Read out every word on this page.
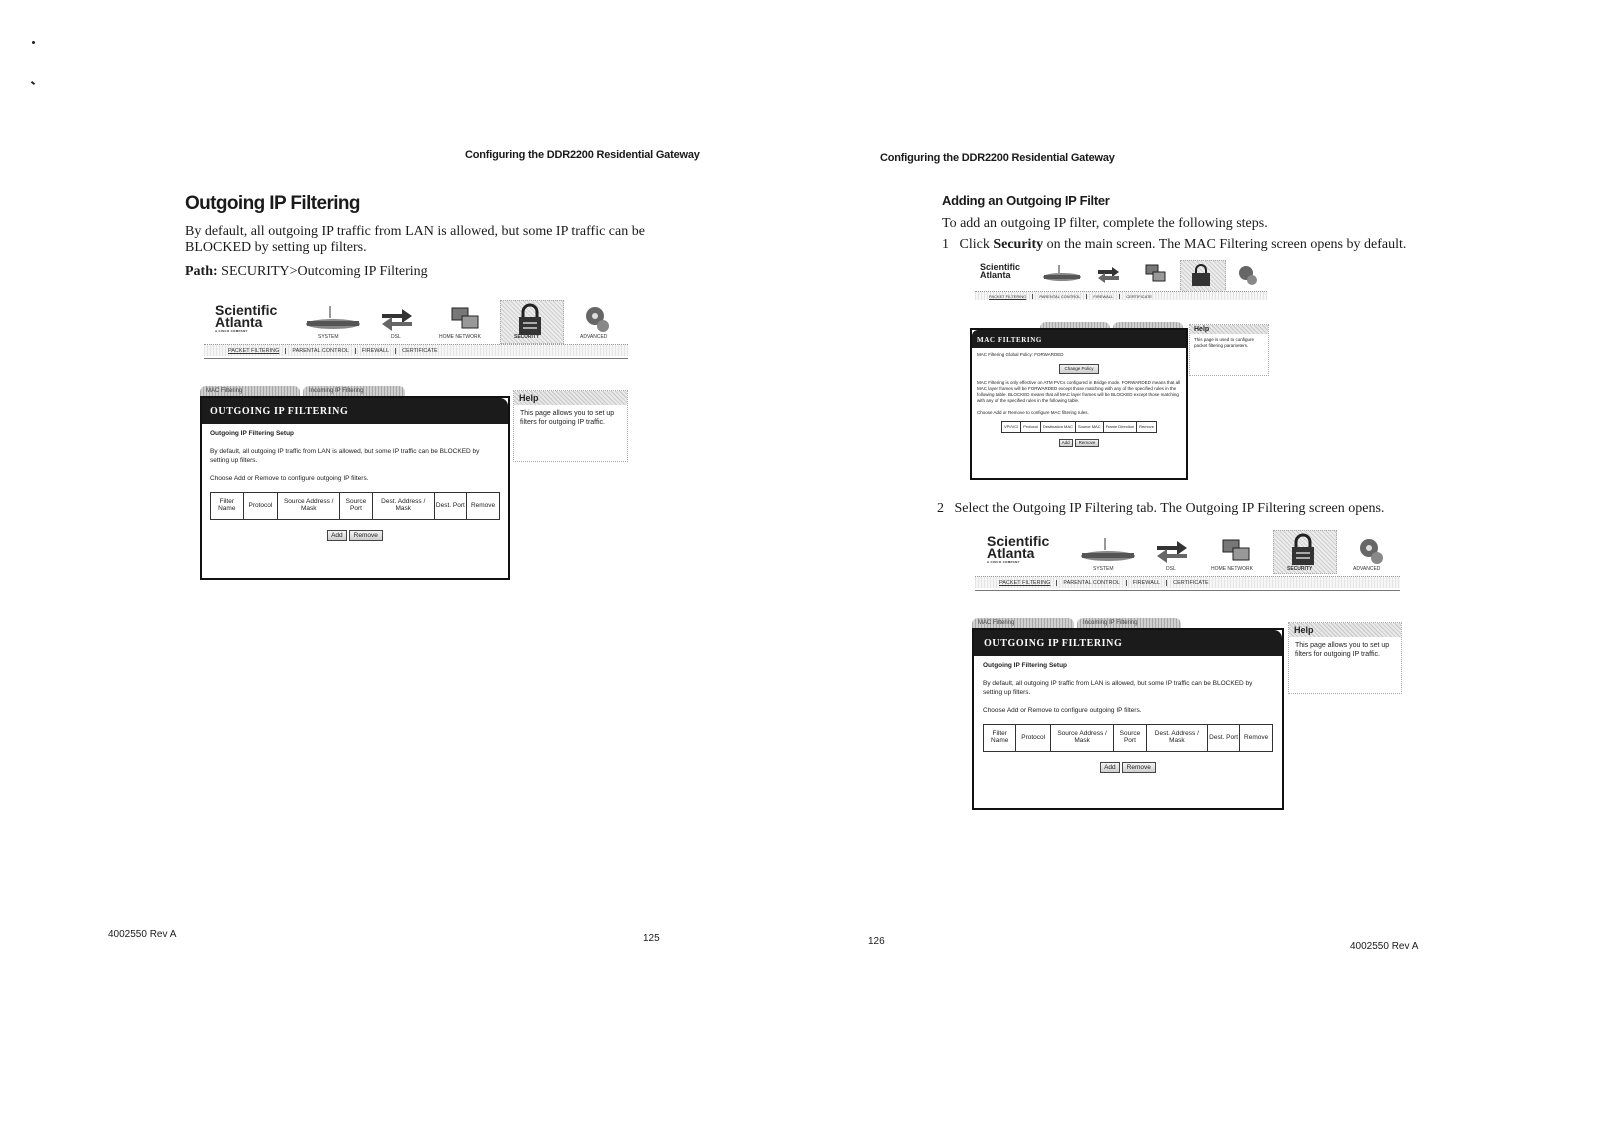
Configuring the DDR2200 Residential Gateway
Outgoing IP Filtering
By default, all outgoing IP traffic from LAN is allowed, but some IP traffic can be BLOCKED by setting up filters.
Path: SECURITY>Outcoming IP Filtering
Scientific
Atlanta
A CISCO COMPANY
SYSTEM	DSL	HOME NETWORK	SECURITY	ADVANCED
PACKET FILTERING	PARENTAL CONTROL	FIREWALL	CERTIFICATE
MAC Filtering	Incoming IP Filtering
OUTGOING IP FILTERING
Outgoing IP Filtering Setup
By default, all outgoing IP traffic from LAN is allowed, but some IP traffic can be BLOCKED by setting up filters.
Choose Add or Remove to configure outgoing IP filters.
Filter Name	Protocol	Source Address / Mask	Source Port	Dest. Address / Mask	Dest. Port	Remove
Add Remove
Help
This page allows you to set up filters for outgoing IP traffic.
4002550 Rev A	125
Configuring the DDR2200 Residential Gateway
Adding an Outgoing IP Filter
To add an outgoing IP filter, complete the following steps.
1 Click Security on the main screen. The MAC Filtering screen opens by default.
Scientific
Atlanta
PACKET FILTERING	PARENTAL CONTROL	FIREWALL	CERTIFICATE
MAC FILTERING
MAC Filtering Global Policy: FORWARDED
Change Policy
MAC Filtering is only effective on ATM PVCs configured in Bridge mode. FORWARDED means that all MAC layer frames will be FORWARDED except those matching with any of the specified rules in the following table. BLOCKED means that all MAC layer frames will be BLOCKED except those matching with any of the specified rules in the following table.
Choose Add or Remove to configure MAC filtering rules.
VPI/VCI	Protocol	Destination MAC	Source MAC	Frame Direction	Remove
Add Remove
Help
This page is used to configure packet filtering parameters.
2 Select the Outgoing IP Filtering tab. The Outgoing IP Filtering screen opens.
Scientific
Atlanta
A CISCO COMPANY
SYSTEM	DSL	HOME NETWORK	SECURITY	ADVANCED
PACKET FILTERING	PARENTAL CONTROL	FIREWALL	CERTIFICATE
MAC Filtering	Incoming IP Filtering
OUTGOING IP FILTERING
Outgoing IP Filtering Setup
By default, all outgoing IP traffic from LAN is allowed, but some IP traffic can be BLOCKED by setting up filters.
Choose Add or Remove to configure outgoing IP filters.
Filter Name	Protocol	Source Address / Mask	Source Port	Dest. Address / Mask	Dest. Port	Remove
Add Remove
Help
This page allows you to set up filters for outgoing IP traffic.
126	4002550 Rev A
